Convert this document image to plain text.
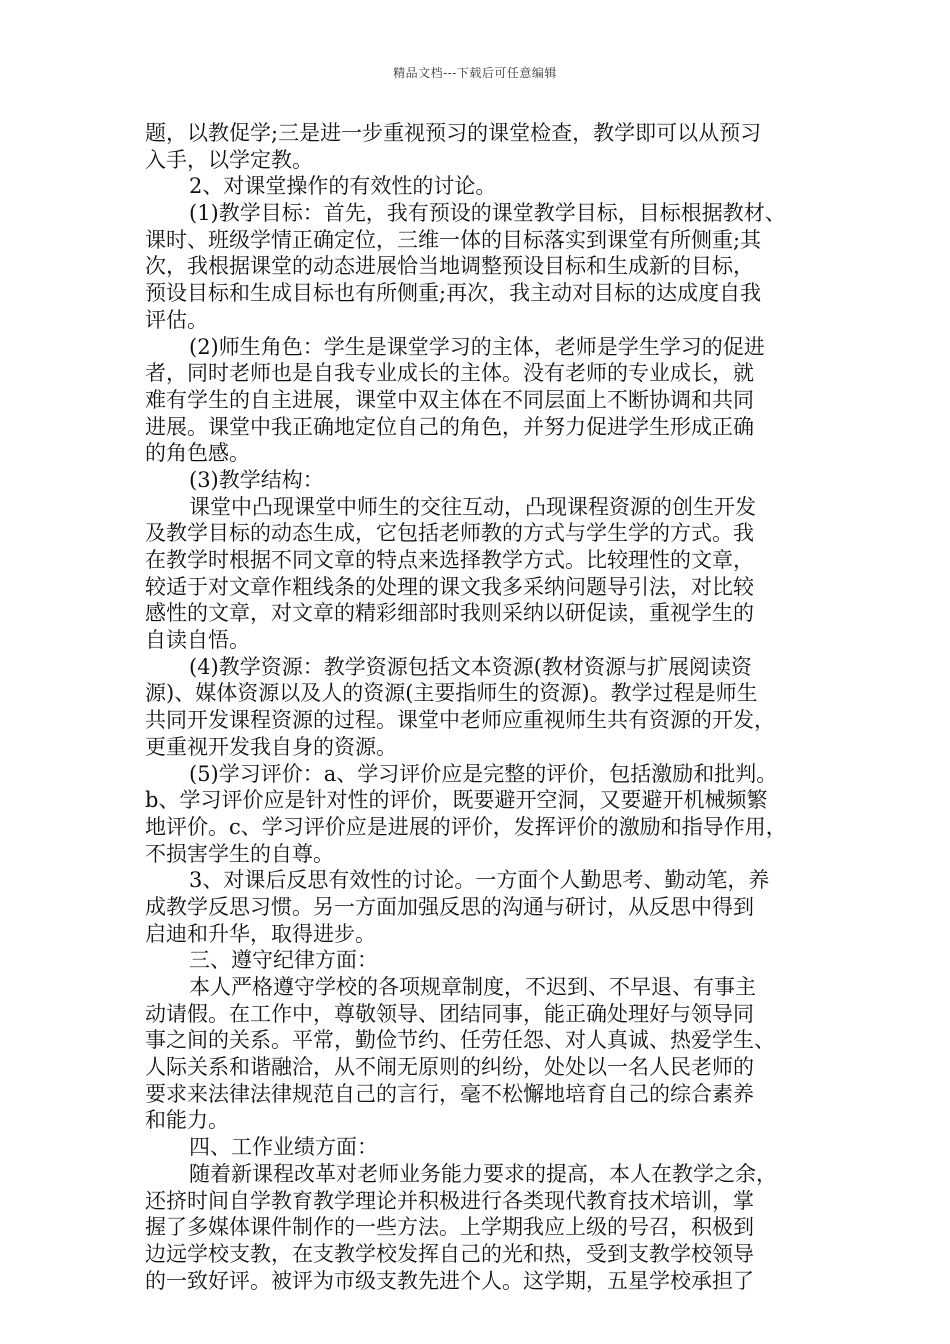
精品文档---下载后可任意编辑
题，以教促学;三是进一步重视预习的课堂检查，教学即可以从预习
入手，以学定教。
2、对课堂操作的有效性的讨论。
(1)教学目标：首先，我有预设的课堂教学目标，目标根据教材、
课时、班级学情正确定位，三维一体的目标落实到课堂有所侧重;其
次，我根据课堂的动态进展恰当地调整预设目标和生成新的目标，
预设目标和生成目标也有所侧重;再次，我主动对目标的达成度自我
评估。
(2)师生角色：学生是课堂学习的主体，老师是学生学习的促进
者，同时老师也是自我专业成长的主体。没有老师的专业成长，就
难有学生的自主进展，课堂中双主体在不同层面上不断协调和共同
进展。课堂中我正确地定位自己的角色，并努力促进学生形成正确
的角色感。
(3)教学结构：
课堂中凸现课堂中师生的交往互动，凸现课程资源的创生开发
及教学目标的动态生成，它包括老师教的方式与学生学的方式。我
在教学时根据不同文章的特点来选择教学方式。比较理性的文章，
较适于对文章作粗线条的处理的课文我多采纳问题导引法，对比较
感性的文章，对文章的精彩细部时我则采纳以研促读，重视学生的
自读自悟。
(4)教学资源：教学资源包括文本资源(教材资源与扩展阅读资
源)、媒体资源以及人的资源(主要指师生的资源)。教学过程是师生
共同开发课程资源的过程。课堂中老师应重视师生共有资源的开发，
更重视开发我自身的资源。
(5)学习评价：a、学习评价应是完整的评价，包括激励和批判。
b、学习评价应是针对性的评价，既要避开空洞，又要避开机械频繁
地评价。c、学习评价应是进展的评价，发挥评价的激励和指导作用，
不损害学生的自尊。
3、对课后反思有效性的讨论。一方面个人勤思考、勤动笔，养
成教学反思习惯。另一方面加强反思的沟通与研讨，从反思中得到
启迪和升华，取得进步。
三、遵守纪律方面：
本人严格遵守学校的各项规章制度，不迟到、不早退、有事主
动请假。在工作中，尊敬领导、团结同事，能正确处理好与领导同
事之间的关系。平常，勤俭节约、任劳任怨、对人真诚、热爱学生、
人际关系和谐融洽，从不闹无原则的纠纷，处处以一名人民老师的
要求来法律法律规范自己的言行，毫不松懈地培育自己的综合素养
和能力。
四、工作业绩方面：
随着新课程改革对老师业务能力要求的提高，本人在教学之余，
还挤时间自学教育教学理论并积极进行各类现代教育技术培训，掌
握了多媒体课件制作的一些方法。上学期我应上级的号召，积极到
边远学校支教，在支教学校发挥自己的光和热，受到支教学校领导
的一致好评。被评为市级支教先进个人。这学期，五星学校承担了
